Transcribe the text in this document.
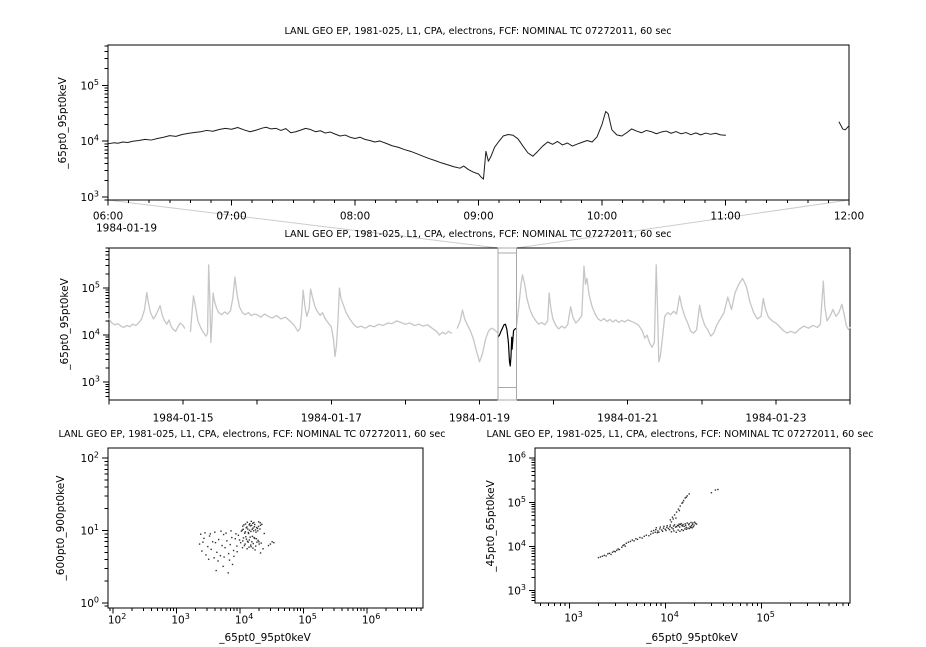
$10^3$
$10^4$
$10^5$
06:00	07:00	08:00	09:00	10:00	11:00	12:00
$10^3$
$10^4$
$10^5$
1984-01-15	1984-01-17	1984-01-19	1984-01-21	1984-01-23
$10^0$
$10^1$
$10^2$
$10^2$	$10^3$	$10^4$	$10^5$	$10^6$
$10^3$
$10^4$
$10^5$
$10^6$
$10^3$	$10^4$	$10^5$
LANL GEO EP, 1981-025, L1, CPA, electrons, FCF: NOMINAL TC 07272011, 60 sec
LANL GEO EP, 1981-025, L1, CPA, electrons, FCF: NOMINAL TC 07272011, 60 sec
LANL GEO EP, 1981-025, L1, CPA, electrons, FCF: NOMINAL TC 07272011, 60 sec	LANL GEO EP, 1981-025, L1, CPA, electrons, FCF: NOMINAL TC 07272011, 60 sec
_65pt0_95pt0keV
_65pt0_95pt0keV
_600pt0_900pt0keV	_45pt0_65pt0keV
_65pt0_95pt0keV	_65pt0_95pt0keV
1984-01-19
